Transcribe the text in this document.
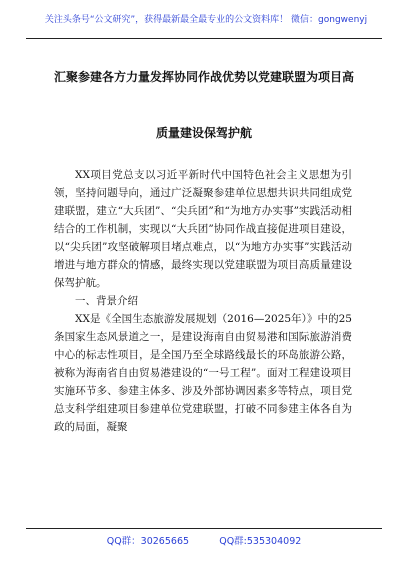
关注头条号“公文研究”，获得最新最全最专业的公文资料库！ 微信：gongwenyj
汇聚参建各方力量发挥协同作战优势以党建联盟为项目高
质量建设保驾护航

XX项目党总支以习近平新时代中国特色社会主义思想为引领，坚持问题导向，通过广泛凝聚参建单位思想共识共同组成党建联盟，建立“大兵团”、“尖兵团”和“为地方办实事”实践活动相结合的工作机制，实现以“大兵团”协同作战直接促进项目建设，以“尖兵团”攻坚破解项目堵点难点，以“为地方办实事”实践活动增进与地方群众的情感，最终实现以党建联盟为项目高质量建设保驾护航。

一、背景介绍

XX是《全国生态旅游发展规划（2016—2025年）》中的25条国家生态风景道之一，是建设海南自由贸易港和国际旅游消费中心的标志性项目，是全国乃至全球路线最长的环岛旅游公路，被称为海南省自由贸易港建设的“一号工程”。面对工程建设项目实施环节多、参建主体多、涉及外部协调因素多等特点，项目党总支科学组建项目参建单位党建联盟，打破不同参建主体各自为政的局面，凝聚

QQ群：30265665          QQ群:535304092
